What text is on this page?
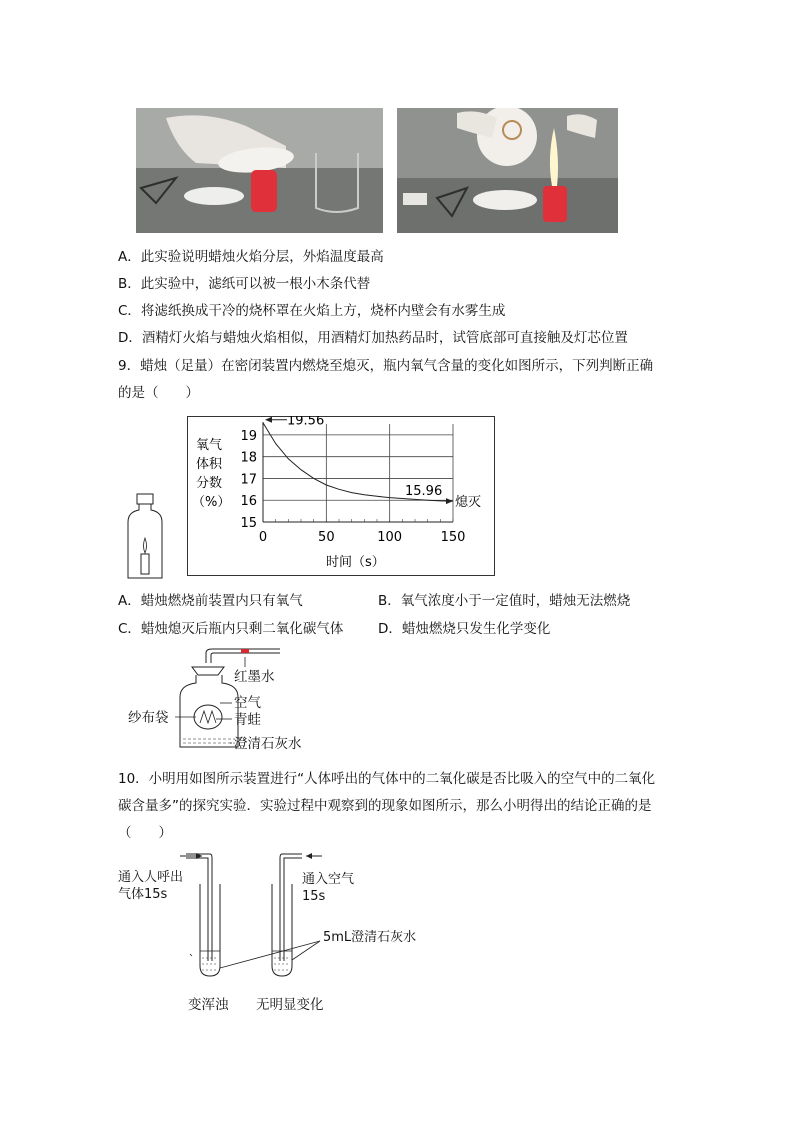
A．此实验说明蜡烛火焰分层，外焰温度最高
B．此实验中，滤纸可以被一根小木条代替
C．将滤纸换成干冷的烧杯罩在火焰上方，烧杯内壁会有水雾生成
D．酒精灯火焰与蜡烛火焰相似，用酒精灯加热药品时，试管底部可直接触及灯芯位置
9．蜡烛（足量）在密闭装置内燃烧至熄灭，瓶内氧气含量的变化如图所示，下列判断正确
的是（　　）
15
16
17
18
19
0	50	100	150
氧气
体积
分数
（%）
时间（s）
19.56
15.96
熄灭
A．蜡烛燃烧前装置内只有氧气	B．氧气浓度小于一定值时，蜡烛无法燃烧
C．蜡烛熄灭后瓶内只剩二氧化碳气体	D．蜡烛燃烧只发生化学变化
红墨水
空气
纱布袋	青蛙
澄清石灰水
10．小明用如图所示装置进行“人体呼出的气体中的二氧化碳是否比吸入的空气中的二氧化
碳含量多”的探究实验．实验过程中观察到的现象如图所示，那么小明得出的结论正确的是
（　　）
通入人呼出
气体15s
通入空气
15s
5mL澄清石灰水
变浑浊 无明显变化
